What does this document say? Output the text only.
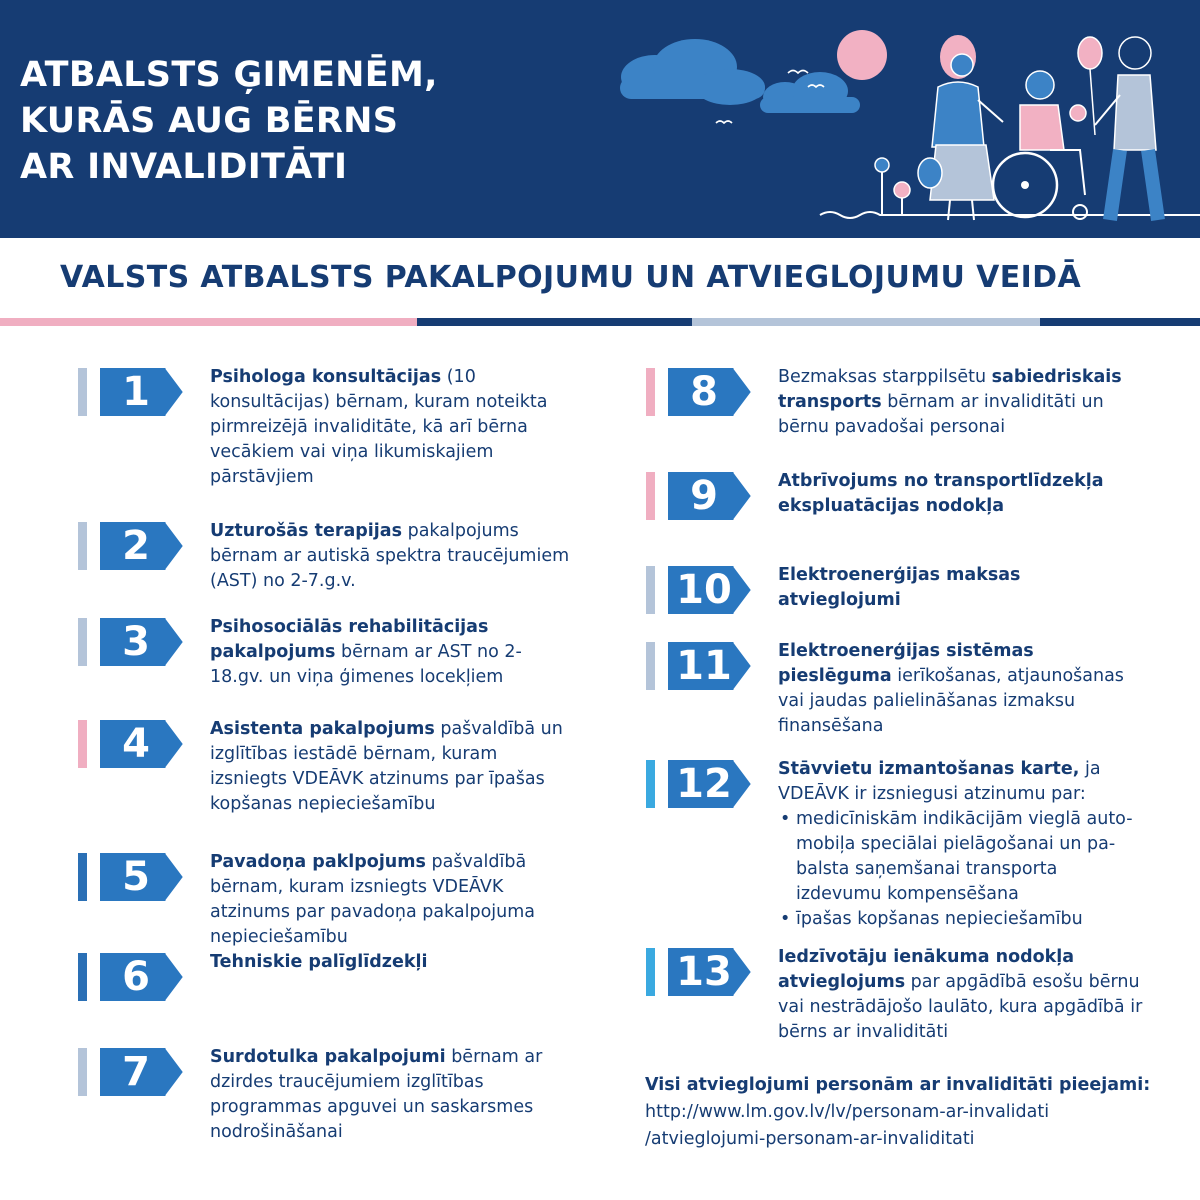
ATBALSTS ĢIMENĒM,
KURĀS AUG BĒRNS
AR INVALIDITĀTI
VALSTS ATBALSTS PAKALPOJUMU UN ATVIEGLOJUMU VEIDĀ
1	Psihologa konsultācijas (10 konsultācijas) bērnam, kuram noteikta pirmreizējā invaliditāte, kā arī bērna vecākiem vai viņa likumiskajiem pārstāvjiem
2	Uzturošās terapijas pakalpojums bērnam ar autiskā spektra traucējumiem (AST) no 2-7.g.v.
3	Psihosociālās rehabilitācijas pakalpojums bērnam ar AST no 2-18.gv. un viņa ģimenes locekļiem
4	Asistenta pakalpojums pašvaldībā un izglītības iestādē bērnam, kuram izsniegts VDEĀVK atzinums par īpašas kopšanas nepieciešamību
5	Pavadoņa paklpojums pašvaldībā bērnam, kuram izsniegts VDEĀVK atzinums par pavadoņa pakalpojuma nepieciešamību
6	Tehniskie palīglīdzekļi
7	Surdotulka pakalpojumi bērnam ar dzirdes traucējumiem izglītības programmas apguvei un saskarsmes nodrošināšanai
8	Bezmaksas starppilsētu sabiedriskais transports bērnam ar invaliditāti un bērnu pavadošai personai
9	Atbrīvojums no transportlīdzekļa ekspluatācijas nodokļa
10	Elektroenerģijas maksas atvieglojumi
11	Elektroenerģijas sistēmas pieslēguma ierīkošanas, atjaunošanas vai jaudas palielināšanas izmaksu finansēšana
12	Stāvvietu izmantošanas karte, ja VDEĀVK ir izsniegusi atzinumu par:
• medicīniskām indikācijām vieglā auto-mobiļa speciālai pielāgošanai un pa-balsta saņemšanai transporta izdevumu kompensēšana
• īpašas kopšanas nepieciešamību
13	Iedzīvotāju ienākuma nodokļa atvieglojums par apgādībā esošu bērnu vai nestrādājošo laulāto, kura apgādībā ir bērns ar invaliditāti
Visi atvieglojumi personām ar invaliditāti pieejami:
http://www.lm.gov.lv/lv/personam-ar-invalidati
/atvieglojumi-personam-ar-invaliditati
